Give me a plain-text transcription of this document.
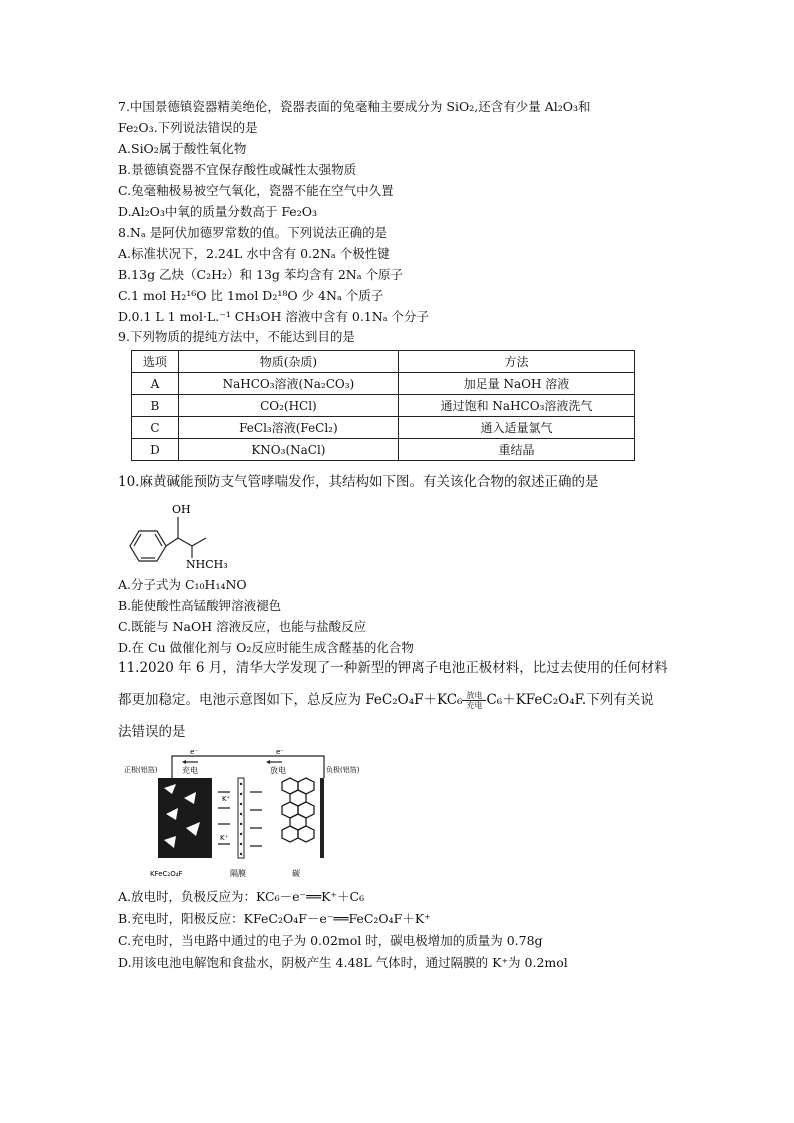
7.中国景德镇瓷器精美绝伦，瓷器表面的兔毫釉主要成分为 SiO₂,还含有少量 Al₂O₃和
Fe₂O₃.下列说法错误的是
A.SiO₂属于酸性氧化物
B.景德镇瓷器不宜保存酸性或碱性太强物质
C.兔毫釉极易被空气氧化，瓷器不能在空气中久置
D.Al₂O₃中氧的质量分数高于 Fe₂O₃
8.Nₐ 是阿伏加德罗常数的值。下列说法正确的是
A.标准状况下，2.24L 水中含有 0.2Nₐ 个极性键
B.13g 乙炔（C₂H₂）和 13g 苯均含有 2Nₐ 个原子
C.1 mol H₂¹⁶O 比 1mol D₂¹⁸O 少 4Nₐ 个质子
D.0.1 L 1 mol·L.⁻¹ CH₃OH 溶液中含有 0.1Nₐ 个分子
9.下列物质的提纯方法中，不能达到目的是
选项	物质(杂质)	方法
A	NaHCO₃溶液(Na₂CO₃)	加足量 NaOH 溶液
B	CO₂(HCl)	通过饱和 NaHCO₃溶液洗气
C	FeCl₃溶液(FeCl₂)	通入适量氯气
D	KNO₃(NaCl)	重结晶
10.麻黄碱能预防支气管哮喘发作，其结构如下图。有关该化合物的叙述正确的是
OH
NHCH₃
A.分子式为 C₁₀H₁₄NO
B.能使酸性高锰酸钾溶液褪色
C.既能与 NaOH 溶液反应，也能与盐酸反应
D.在 Cu 做催化剂与 O₂反应时能生成含醛基的化合物
11.2020 年 6 月，清华大学发现了一种新型的钾离子电池正极材料，比过去使用的任何材料
都更加稳定。电池示意图如下，总反应为 FeC₂O₄F＋KC₆ 放电
充电 C₆＋KFeC₂O₄F.下列有关说
法错误的是
e⁻	e⁻
充电	放电
正极(铝箔)	负极(铝箔)
K⁺
K⁺
KFeC₂O₄F	隔膜	碳
A.放电时，负极反应为：KC₆－e⁻══K⁺＋C₆
B.充电时，阳极反应：KFeC₂O₄F－e⁻══FeC₂O₄F＋K⁺
C.充电时，当电路中通过的电子为 0.02mol 时，碳电极增加的质量为 0.78g
D.用该电池电解饱和食盐水，阴极产生 4.48L 气体时，通过隔膜的 K⁺为 0.2mol
